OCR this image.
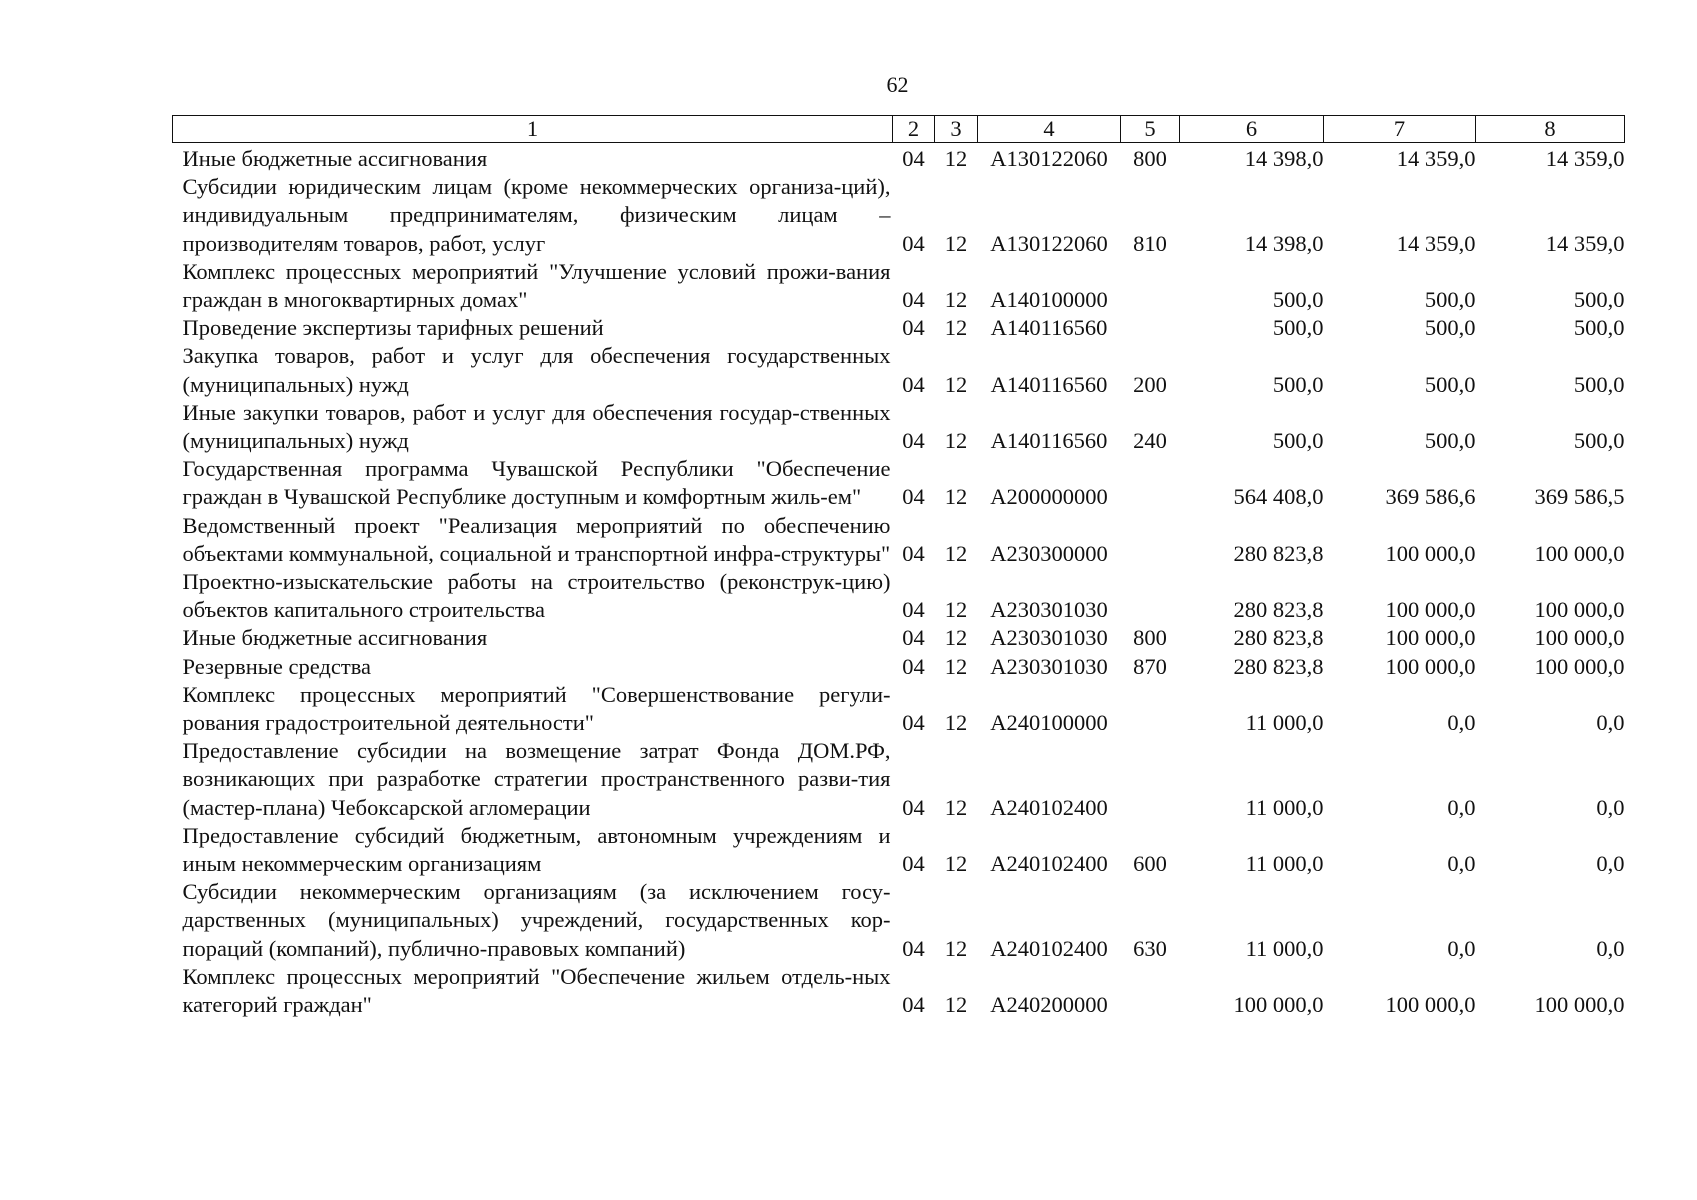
62
1	2	3	4	5	6	7	8
Иные бюджетные ассигнования	04	12	А130122060	800	14 398,0	14 359,0	14 359,0
Субсидии юридическим лицам (кроме некоммерческих организа-ций), индивидуальным предпринимателям, физическим лицам – производителям товаров, работ, услуг	04	12	А130122060	810	14 398,0	14 359,0	14 359,0
Комплекс процессных мероприятий "Улучшение условий прожи-вания граждан в многоквартирных домах"	04	12	А140100000		500,0	500,0	500,0
Проведение экспертизы тарифных решений	04	12	А140116560		500,0	500,0	500,0
Закупка товаров, работ и услуг для обеспечения государственных (муниципальных) нужд	04	12	А140116560	200	500,0	500,0	500,0
Иные закупки товаров, работ и услуг для обеспечения государ-ственных (муниципальных) нужд	04	12	А140116560	240	500,0	500,0	500,0
Государственная программа Чувашской Республики "Обеспечение граждан в Чувашской Республике доступным и комфортным жиль-ем"	04	12	А200000000		564 408,0	369 586,6	369 586,5
Ведомственный проект "Реализация мероприятий по обеспечению объектами коммунальной, социальной и транспортной инфра-структуры"	04	12	А230300000		280 823,8	100 000,0	100 000,0
Проектно-изыскательские работы на строительство (реконструк-цию) объектов капитального строительства	04	12	А230301030		280 823,8	100 000,0	100 000,0
Иные бюджетные ассигнования	04	12	А230301030	800	280 823,8	100 000,0	100 000,0
Резервные средства	04	12	А230301030	870	280 823,8	100 000,0	100 000,0
Комплекс процессных мероприятий "Совершенствование регули-рования градостроительной деятельности"	04	12	А240100000		11 000,0	0,0	0,0
Предоставление субсидии на возмещение затрат Фонда ДОМ.РФ, возникающих при разработке стратегии пространственного разви-тия (мастер-плана) Чебоксарской агломерации	04	12	А240102400		11 000,0	0,0	0,0
Предоставление субсидий бюджетным, автономным учреждениям и иным некоммерческим организациям	04	12	А240102400	600	11 000,0	0,0	0,0
Субсидии некоммерческим организациям (за исключением госу-дарственных (муниципальных) учреждений, государственных кор-пораций (компаний), публично-правовых компаний)	04	12	А240102400	630	11 000,0	0,0	0,0
Комплекс процессных мероприятий "Обеспечение жильем отдель-ных категорий граждан"	04	12	А240200000		100 000,0	100 000,0	100 000,0
